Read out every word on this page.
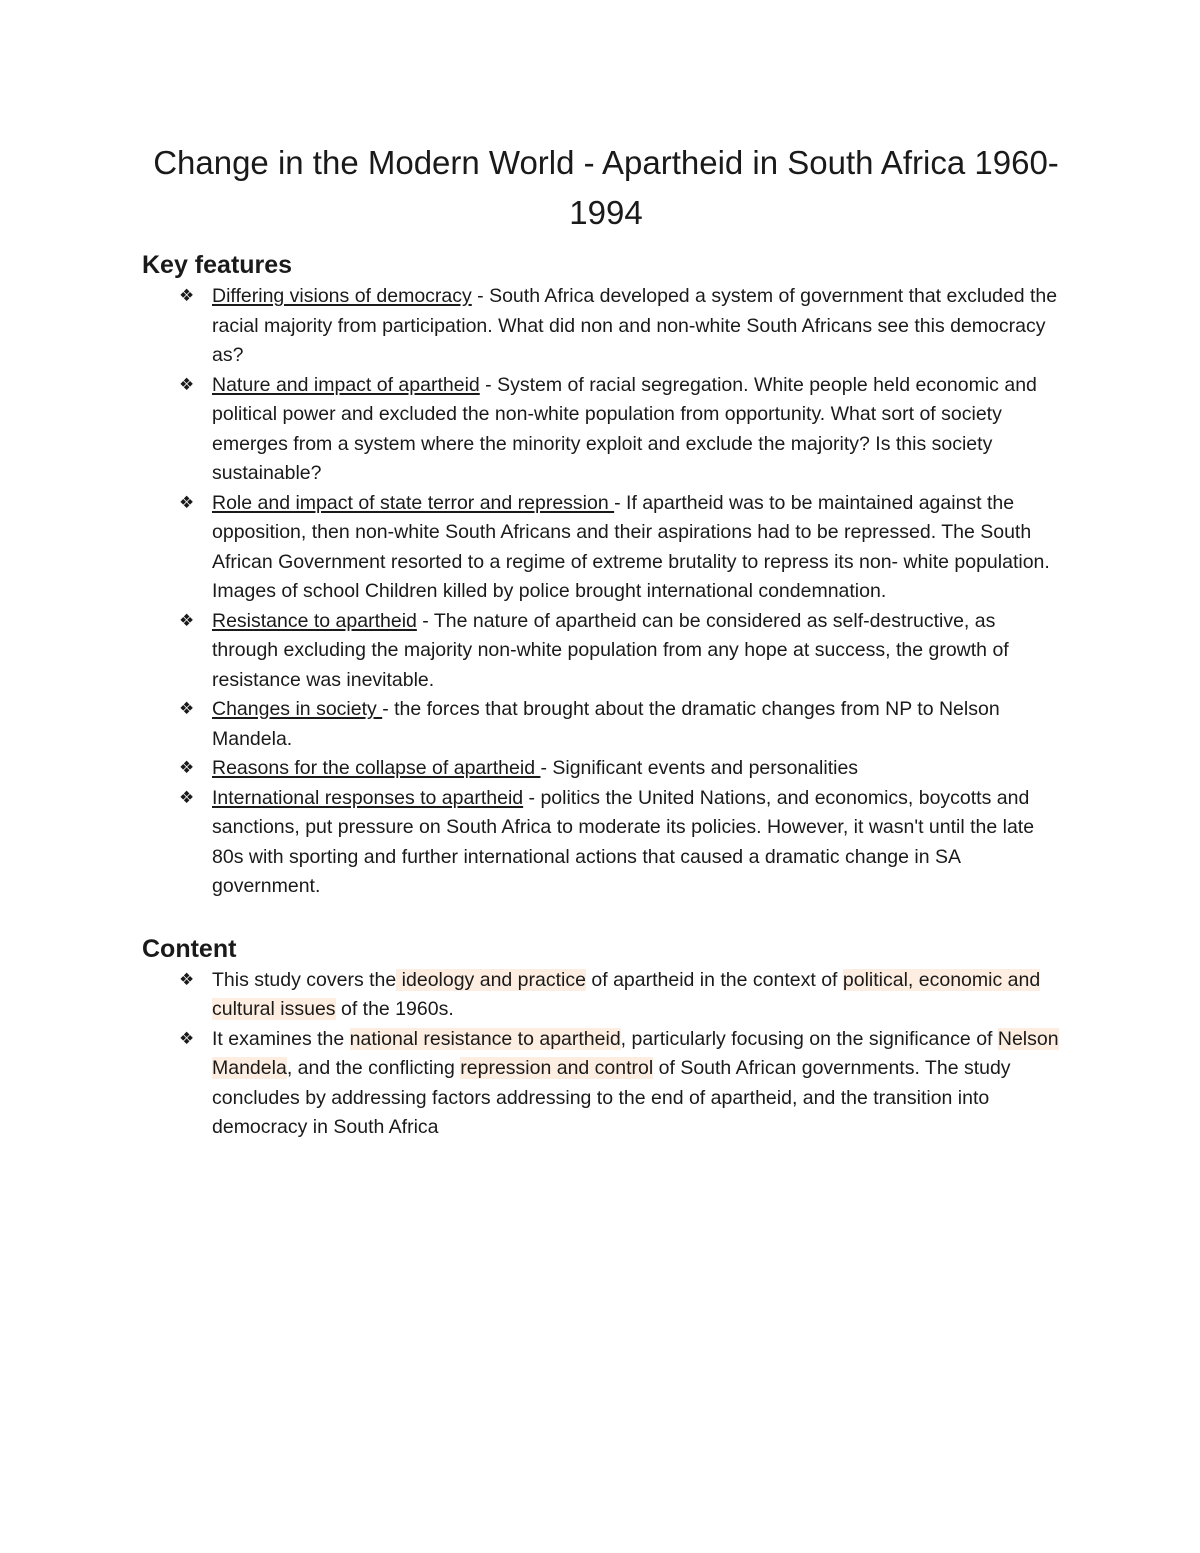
Change in the Modern World - Apartheid in South Africa 1960-1994
Key features
❖ Differing visions of democracy - South Africa developed a system of government that excluded the racial majority from participation. What did non and non-white South Africans see this democracy as?
❖ Nature and impact of apartheid - System of racial segregation. White people held economic and political power and excluded the non-white population from opportunity. What sort of society emerges from a system where the minority exploit and exclude the majority? Is this society sustainable?
❖ Role and impact of state terror and repression - If apartheid was to be maintained against the opposition, then non-white South Africans and their aspirations had to be repressed. The South African Government resorted to a regime of extreme brutality to repress its non- white population. Images of school Children killed by police brought international condemnation.
❖ Resistance to apartheid - The nature of apartheid can be considered as self-destructive, as through excluding the majority non-white population from any hope at success, the growth of resistance was inevitable.
❖ Changes in society - the forces that brought about the dramatic changes from NP to Nelson Mandela.
❖ Reasons for the collapse of apartheid - Significant events and personalities
❖ International responses to apartheid - politics the United Nations, and economics, boycotts and sanctions, put pressure on South Africa to moderate its policies. However, it wasn't until the late 80s with sporting and further international actions that caused a dramatic change in SA government.
Content
❖ This study covers the ideology and practice of apartheid in the context of political, economic and cultural issues of the 1960s.
❖ It examines the national resistance to apartheid, particularly focusing on the significance of Nelson Mandela, and the conflicting repression and control of South African governments. The study concludes by addressing factors addressing to the end of apartheid, and the transition into democracy in South Africa
